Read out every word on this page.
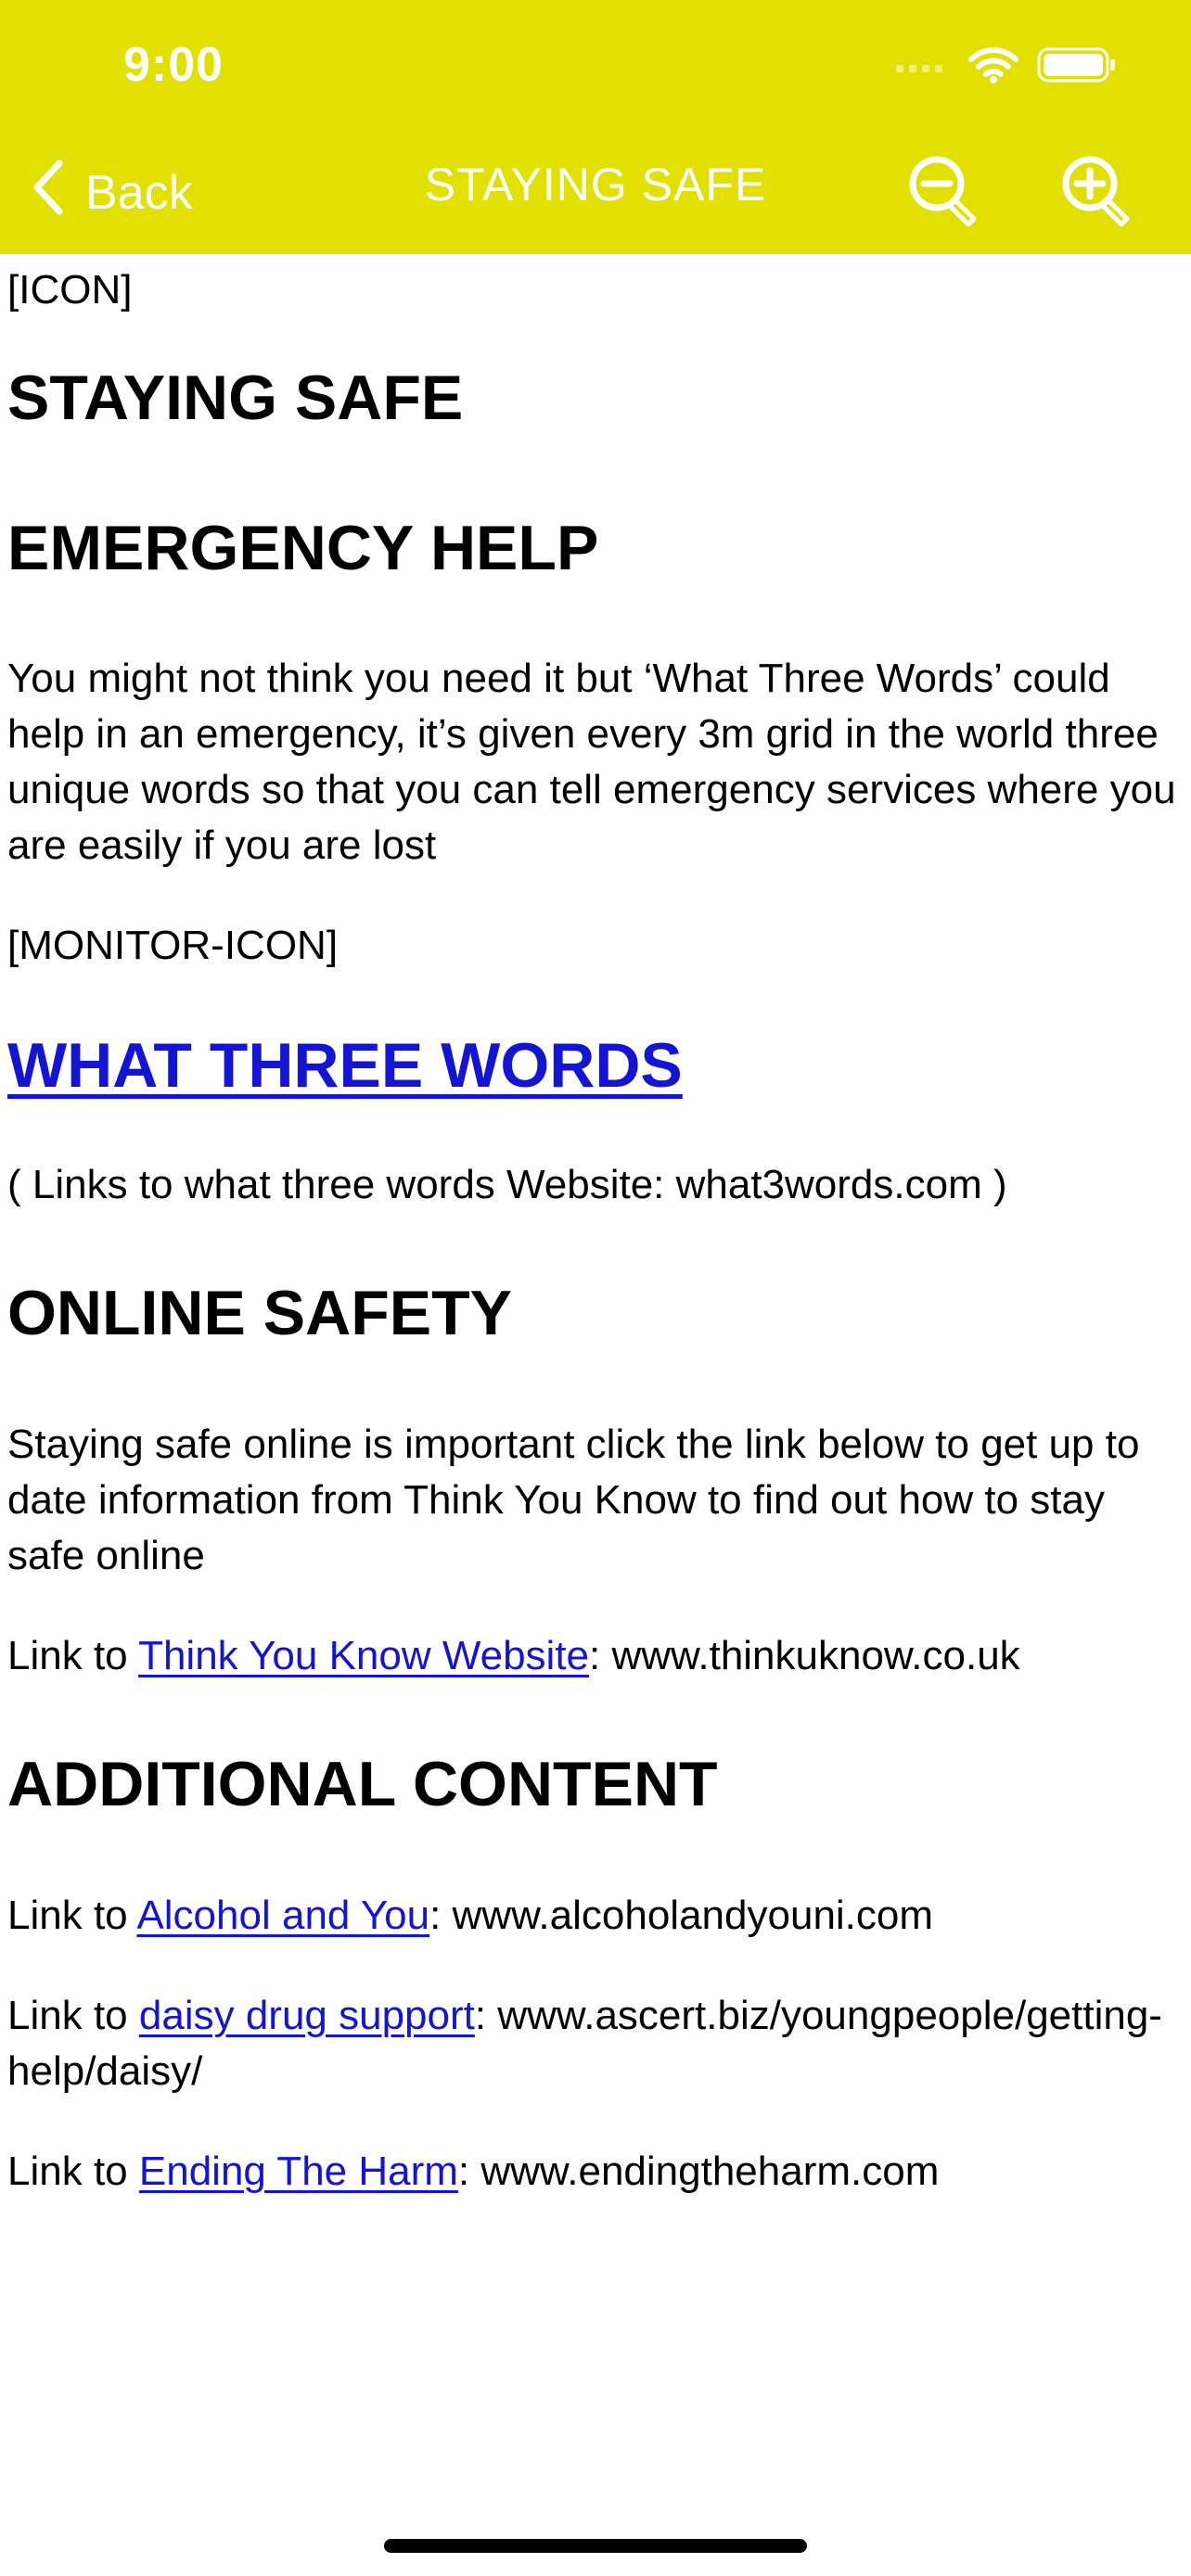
9:00
Back	STAYING SAFE
[ICON]
STAYING SAFE
EMERGENCY HELP

You might not think you need it but ‘What Three Words’ could help in an emergency, it’s given every 3m grid in the world three unique words so that you can tell emergency services where you are easily if you are lost

[MONITOR-ICON]

WHAT THREE WORDS

( Links to what three words Website: what3words.com )

ONLINE SAFETY

Staying safe online is important click the link below to get up to date information from Think You Know to find out how to stay safe online

Link to Think You Know Website: www.thinkuknow.co.uk

ADDITIONAL CONTENT

Link to Alcohol and You: www.alcoholandyouni.com

Link to daisy drug support: www.ascert.biz/youngpeople/getting-help/daisy/

Link to Ending The Harm: www.endingtheharm.com
